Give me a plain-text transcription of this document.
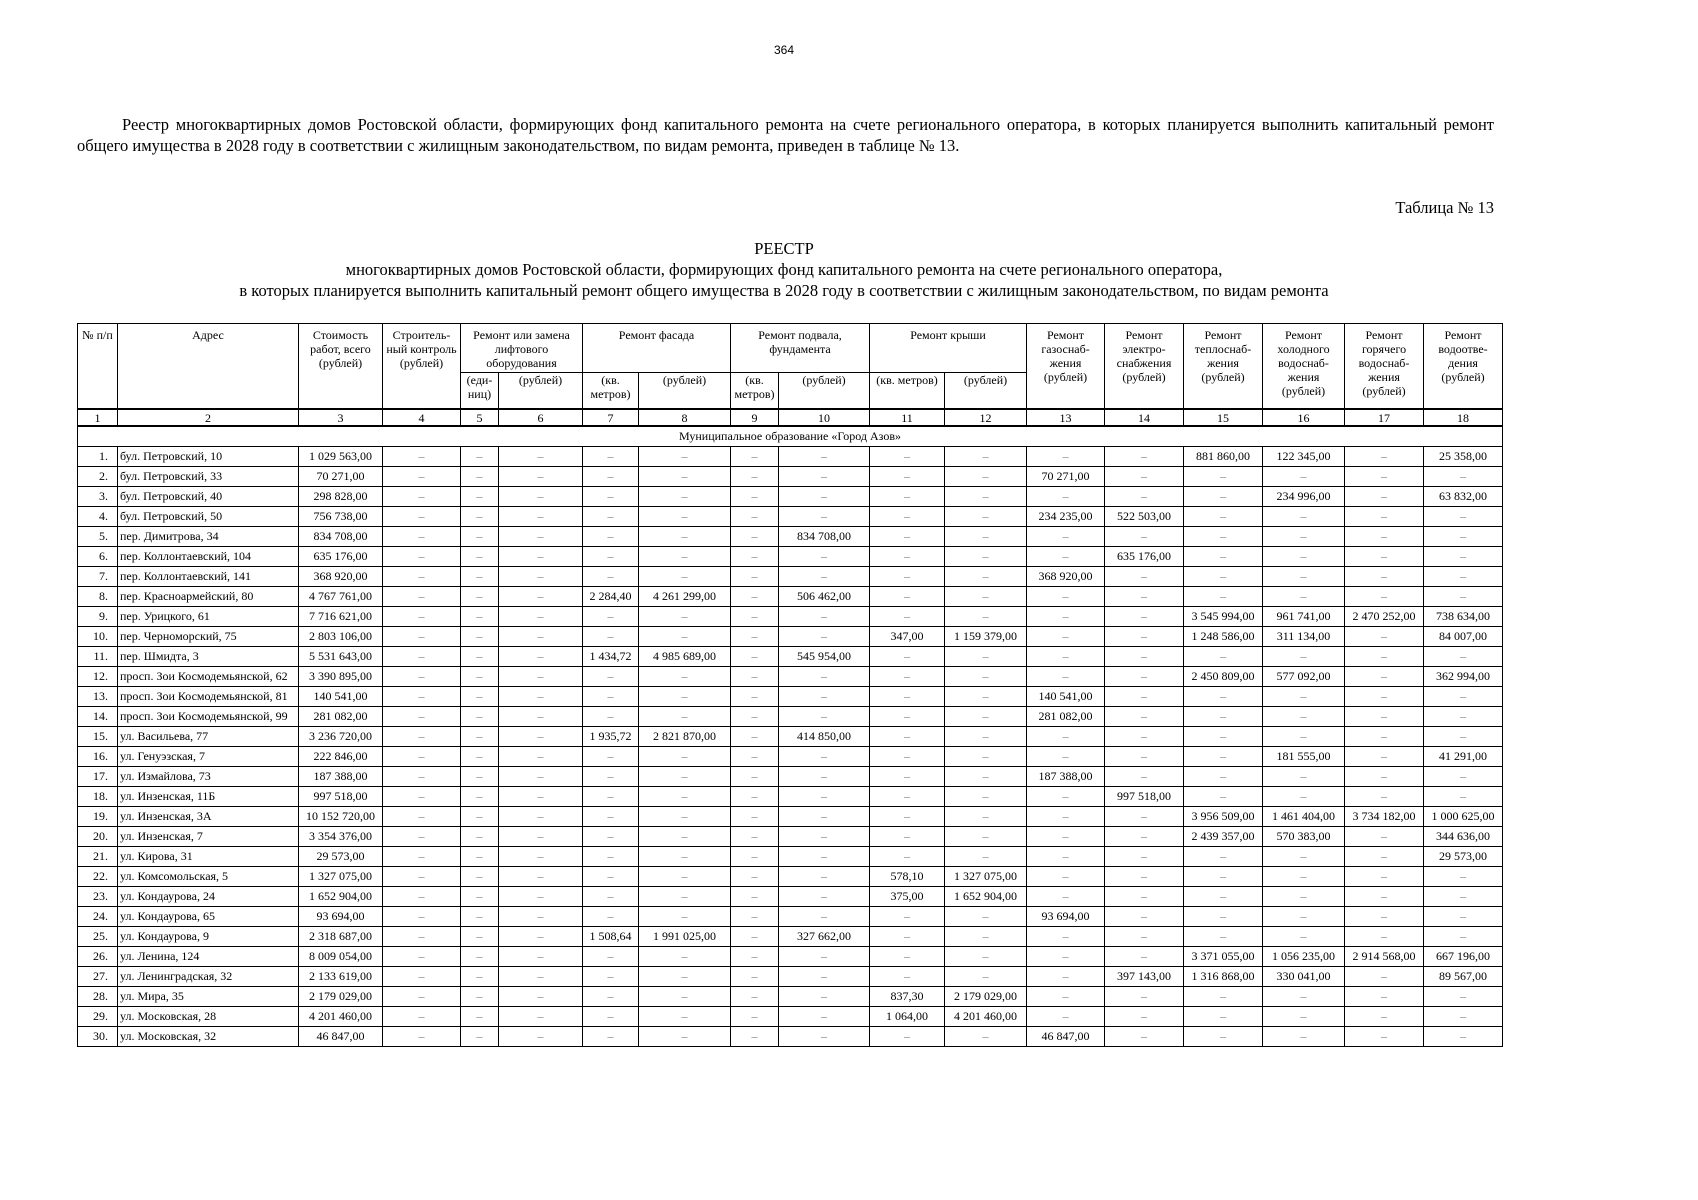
364

Реестр многоквартирных домов Ростовской области, формирующих фонд капитального ремонта на счете регионального оператора, в которых планируется выполнить капитальный ремонт общего имущества в 2028 году в соответствии с жилищным законодательством, по видам ремонта, приведен в таблице № 13.

Таблица № 13
РЕЕСТР
многоквартирных домов Ростовской области, формирующих фонд капитального ремонта на счете регионального оператора,
в которых планируется выполнить капитальный ремонт общего имущества в 2028 году в соответствии с жилищным законодательством, по видам ремонта
№ п/п	Адрес	Стоимость работ, всего (рублей)	Строитель-ный контроль (рублей)	Ремонт или замена лифтового оборудования		Ремонт фасада		Ремонт подвала, фундамента		Ремонт крыши		Ремонт газоснаб-жения (рублей)	Ремонт электро-снабжения (рублей)	Ремонт теплоснаб-жения (рублей)	Ремонт холодного водоснаб-жения (рублей)	Ремонт горячего водоснаб-жения (рублей)	Ремонт водоотве-дения (рублей)
				(еди-ниц)	(рублей)	(кв. метров)	(рублей)	(кв. метров)	(рублей)	(кв. метров)	(рублей)						
1	2	3	4	5	6	7	8	9	10	11	12	13	14	15	16	17	18
Муниципальное образование «Город Азов»																	
1.	бул. Петровский, 10	1 029 563,00	–	–	–	–	–	–	–	–	–	–	–	881 860,00	122 345,00	–	25 358,00
2.	бул. Петровский, 33	70 271,00	–	–	–	–	–	–	–	–	–	70 271,00	–	–	–	–	–
3.	бул. Петровский, 40	298 828,00	–	–	–	–	–	–	–	–	–	–	–	–	234 996,00	–	63 832,00
4.	бул. Петровский, 50	756 738,00	–	–	–	–	–	–	–	–	–	234 235,00	522 503,00	–	–	–	–
5.	пер. Димитрова, 34	834 708,00	–	–	–	–	–	–	834 708,00	–	–	–	–	–	–	–	–
6.	пер. Коллонтаевский, 104	635 176,00	–	–	–	–	–	–	–	–	–	–	635 176,00	–	–	–	–
7.	пер. Коллонтаевский, 141	368 920,00	–	–	–	–	–	–	–	–	–	368 920,00	–	–	–	–	–
8.	пер. Красноармейский, 80	4 767 761,00	–	–	–	2 284,40	4 261 299,00	–	506 462,00	–	–	–	–	–	–	–	–
9.	пер. Урицкого, 61	7 716 621,00	–	–	–	–	–	–	–	–	–	–	–	3 545 994,00	961 741,00	2 470 252,00	738 634,00
10.	пер. Черноморский, 75	2 803 106,00	–	–	–	–	–	–	–	347,00	1 159 379,00	–	–	1 248 586,00	311 134,00	–	84 007,00
11.	пер. Шмидта, 3	5 531 643,00	–	–	–	1 434,72	4 985 689,00	–	545 954,00	–	–	–	–	–	–	–	–
12.	просп. Зои Космодемьянской, 62	3 390 895,00	–	–	–	–	–	–	–	–	–	–	–	2 450 809,00	577 092,00	–	362 994,00
13.	просп. Зои Космодемьянской, 81	140 541,00	–	–	–	–	–	–	–	–	–	140 541,00	–	–	–	–	–
14.	просп. Зои Космодемьянской, 99	281 082,00	–	–	–	–	–	–	–	–	–	281 082,00	–	–	–	–	–
15.	ул. Васильева, 77	3 236 720,00	–	–	–	1 935,72	2 821 870,00	–	414 850,00	–	–	–	–	–	–	–	–
16.	ул. Генуэзская, 7	222 846,00	–	–	–	–	–	–	–	–	–	–	–	–	181 555,00	–	41 291,00
17.	ул. Измайлова, 73	187 388,00	–	–	–	–	–	–	–	–	–	187 388,00	–	–	–	–	–
18.	ул. Инзенская, 11Б	997 518,00	–	–	–	–	–	–	–	–	–	–	997 518,00	–	–	–	–
19.	ул. Инзенская, 3А	10 152 720,00	–	–	–	–	–	–	–	–	–	–	–	3 956 509,00	1 461 404,00	3 734 182,00	1 000 625,00
20.	ул. Инзенская, 7	3 354 376,00	–	–	–	–	–	–	–	–	–	–	–	2 439 357,00	570 383,00	–	344 636,00
21.	ул. Кирова, 31	29 573,00	–	–	–	–	–	–	–	–	–	–	–	–	–	–	29 573,00
22.	ул. Комсомольская, 5	1 327 075,00	–	–	–	–	–	–	–	578,10	1 327 075,00	–	–	–	–	–	–
23.	ул. Кондаурова, 24	1 652 904,00	–	–	–	–	–	–	–	375,00	1 652 904,00	–	–	–	–	–	–
24.	ул. Кондаурова, 65	93 694,00	–	–	–	–	–	–	–	–	–	93 694,00	–	–	–	–	–
25.	ул. Кондаурова, 9	2 318 687,00	–	–	–	1 508,64	1 991 025,00	–	327 662,00	–	–	–	–	–	–	–	–
26.	ул. Ленина, 124	8 009 054,00	–	–	–	–	–	–	–	–	–	–	–	3 371 055,00	1 056 235,00	2 914 568,00	667 196,00
27.	ул. Ленинградская, 32	2 133 619,00	–	–	–	–	–	–	–	–	–	–	397 143,00	1 316 868,00	330 041,00	–	89 567,00
28.	ул. Мира, 35	2 179 029,00	–	–	–	–	–	–	–	837,30	2 179 029,00	–	–	–	–	–	–
29.	ул. Московская, 28	4 201 460,00	–	–	–	–	–	–	–	1 064,00	4 201 460,00	–	–	–	–	–	–
30.	ул. Московская, 32	46 847,00	–	–	–	–	–	–	–	–	–	46 847,00	–	–	–	–	–
